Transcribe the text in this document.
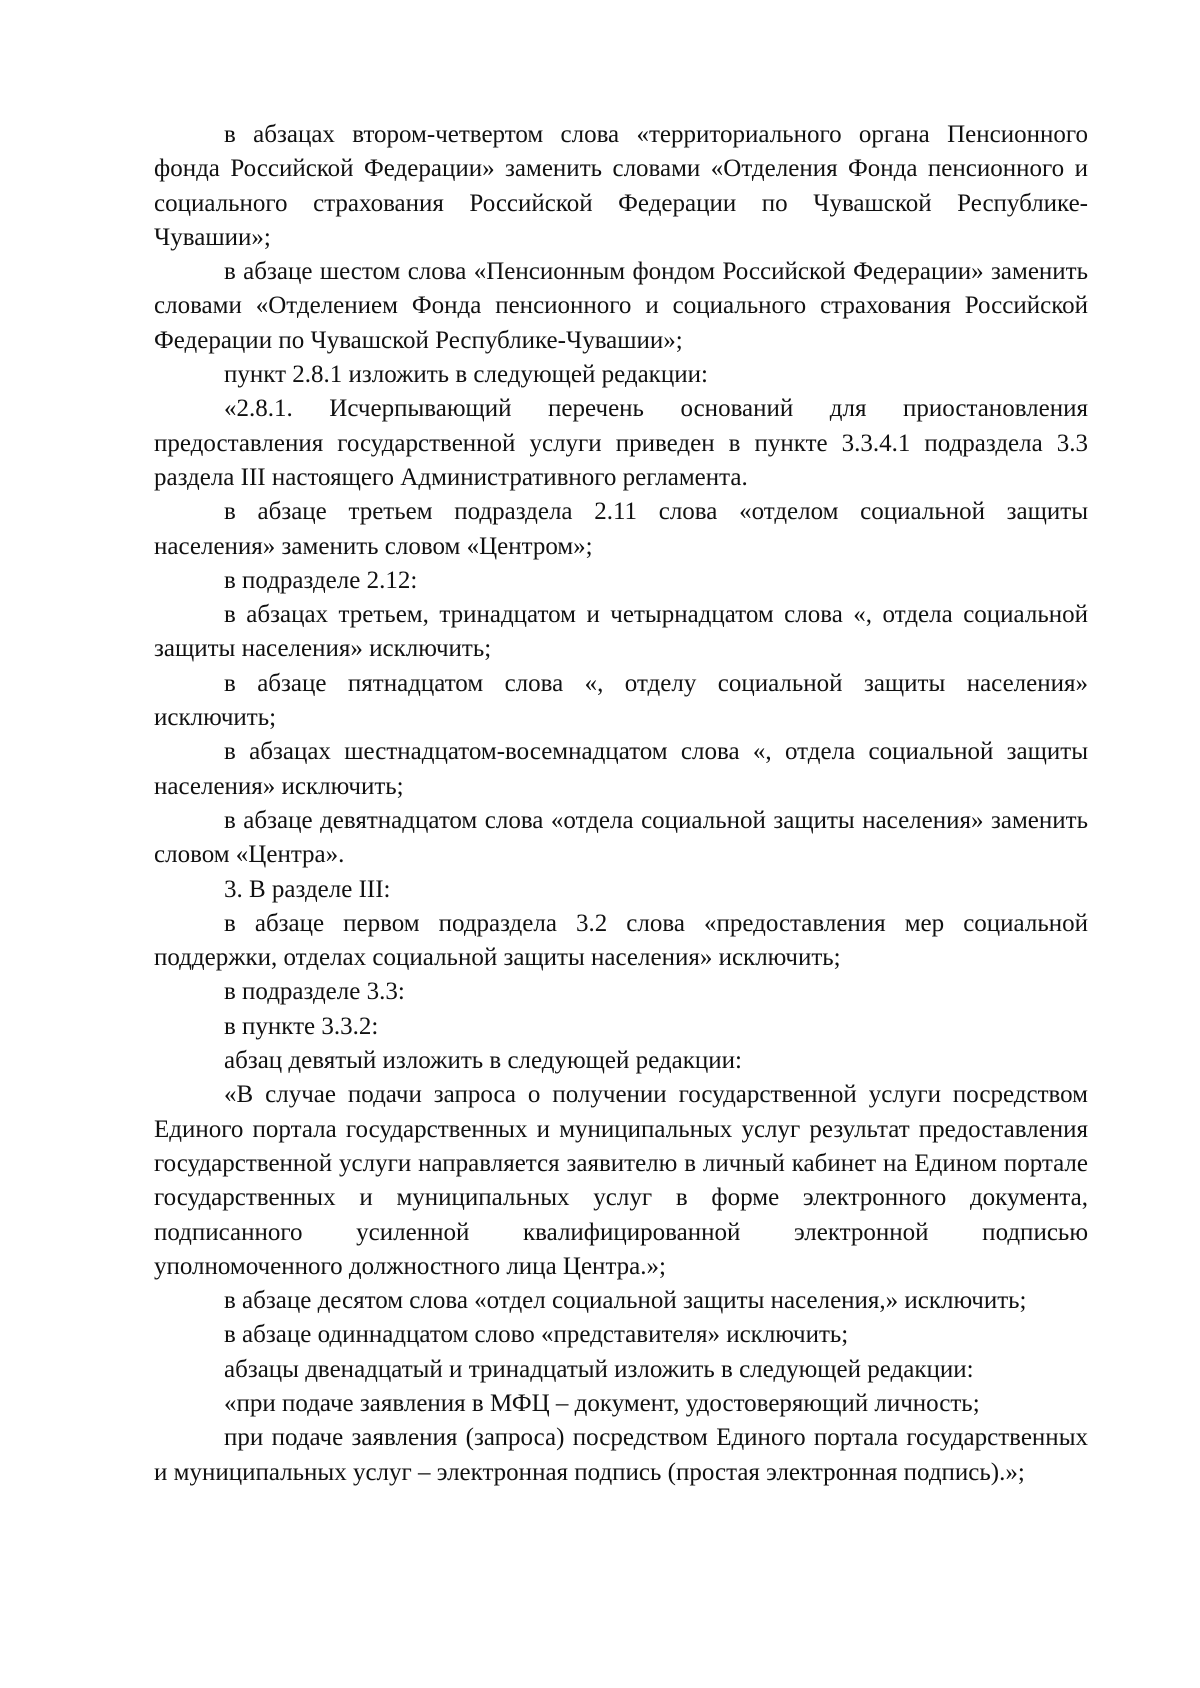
в абзацах втором-четвертом слова «территориального органа Пенсионного фонда Российской Федерации» заменить словами «Отделения Фонда пенсионного и социального страхования Российской Федерации по Чувашской Республике-Чувашии»;

в абзаце шестом слова «Пенсионным фондом Российской Федерации» заменить словами «Отделением Фонда пенсионного и социального страхования Российской Федерации по Чувашской Республике-Чувашии»;

пункт 2.8.1 изложить в следующей редакции:

«2.8.1. Исчерпывающий перечень оснований для приостановления предоставления государственной услуги приведен в пункте 3.3.4.1 подраздела 3.3 раздела III настоящего Административного регламента.

в абзаце третьем подраздела 2.11 слова «отделом социальной защиты населения» заменить словом «Центром»;

в подразделе 2.12:

в абзацах третьем, тринадцатом и четырнадцатом слова «, отдела социальной защиты населения» исключить;

в абзаце пятнадцатом слова «, отделу социальной защиты населения» исключить;

в абзацах шестнадцатом-восемнадцатом слова «, отдела социальной защиты населения» исключить;

в абзаце девятнадцатом слова «отдела социальной защиты населения» заменить словом «Центра».

3. В разделе III:

в абзаце первом подраздела 3.2 слова «предоставления мер социальной поддержки, отделах социальной защиты населения» исключить;

в подразделе 3.3:

в пункте 3.3.2:

абзац девятый изложить в следующей редакции:

«В случае подачи запроса о получении государственной услуги посредством Единого портала государственных и муниципальных услуг результат предоставления государственной услуги направляется заявителю в личный кабинет на Едином портале государственных и муниципальных услуг в форме электронного документа, подписанного усиленной квалифицированной электронной подписью уполномоченного должностного лица Центра.»;

в абзаце десятом слова «отдел социальной защиты населения,» исключить;

в абзаце одиннадцатом слово «представителя» исключить;

абзацы двенадцатый и тринадцатый изложить в следующей редакции:

«при подаче заявления в МФЦ – документ, удостоверяющий личность;

при подаче заявления (запроса) посредством Единого портала государственных и муниципальных услуг – электронная подпись (простая электронная подпись).»;
